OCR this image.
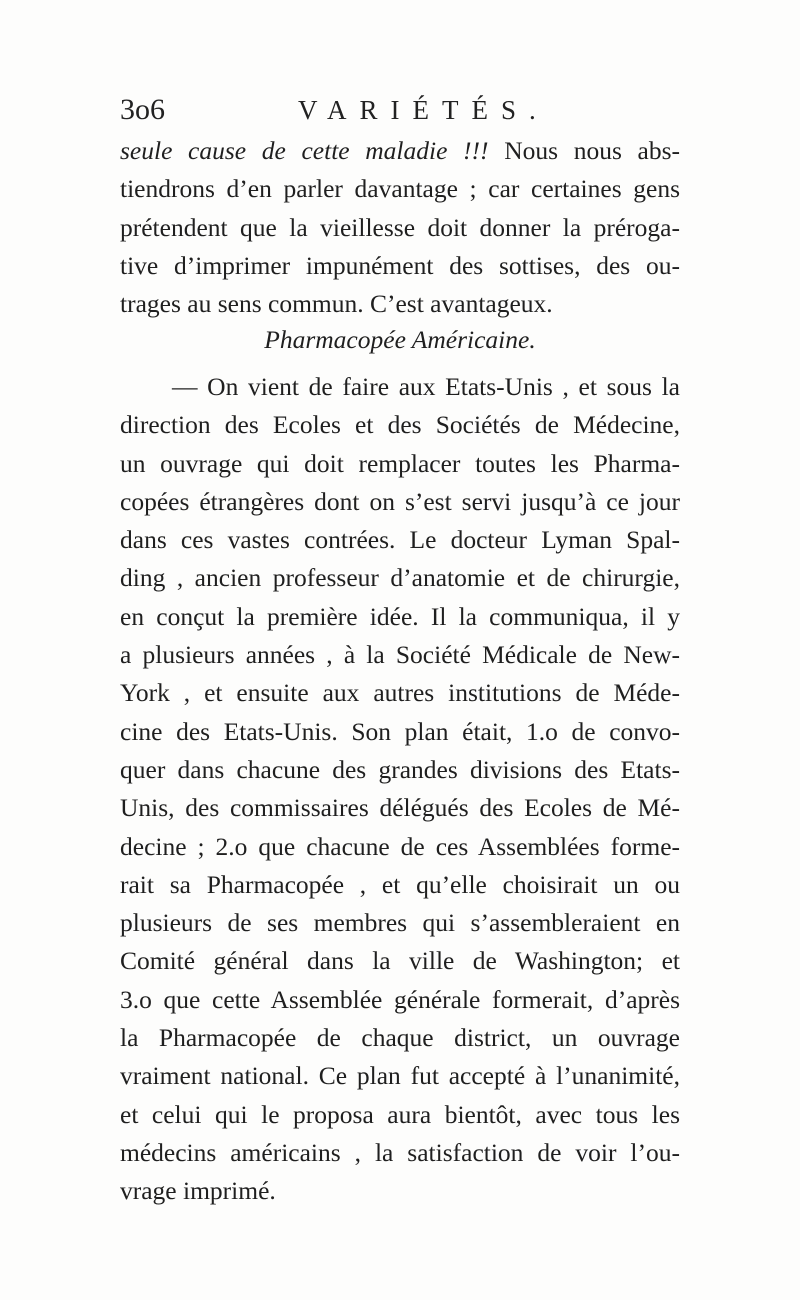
3o6	VARIÉTÉS.
seule cause de cette maladie !!! Nous nous abs-
tiendrons d’en parler davantage ; car certaines gens
prétendent que la vieillesse doit donner la préroga-
tive d’imprimer impunément des sottises, des ou-
trages au sens commun. C’est avantageux.
Pharmacopée Américaine.
— On vient de faire aux Etats-Unis , et sous la
direction des Ecoles et des Sociétés de Médecine,
un ouvrage qui doit remplacer toutes les Pharma-
copées étrangères dont on s’est servi jusqu’à ce jour
dans ces vastes contrées. Le docteur Lyman Spal-
ding , ancien professeur d’anatomie et de chirurgie,
en conçut la première idée. Il la communiqua, il y
a plusieurs années , à la Société Médicale de New-
York , et ensuite aux autres institutions de Méde-
cine des Etats-Unis. Son plan était, 1.o de convo-
quer dans chacune des grandes divisions des Etats-
Unis, des commissaires délégués des Ecoles de Mé-
decine ; 2.o que chacune de ces Assemblées forme-
rait sa Pharmacopée , et qu’elle choisirait un ou
plusieurs de ses membres qui s’assembleraient en
Comité général dans la ville de Washington; et
3.o que cette Assemblée générale formerait, d’après
la Pharmacopée de chaque district, un ouvrage
vraiment national. Ce plan fut accepté à l’unanimité,
et celui qui le proposa aura bientôt, avec tous les
médecins américains , la satisfaction de voir l’ou-
vrage imprimé.
